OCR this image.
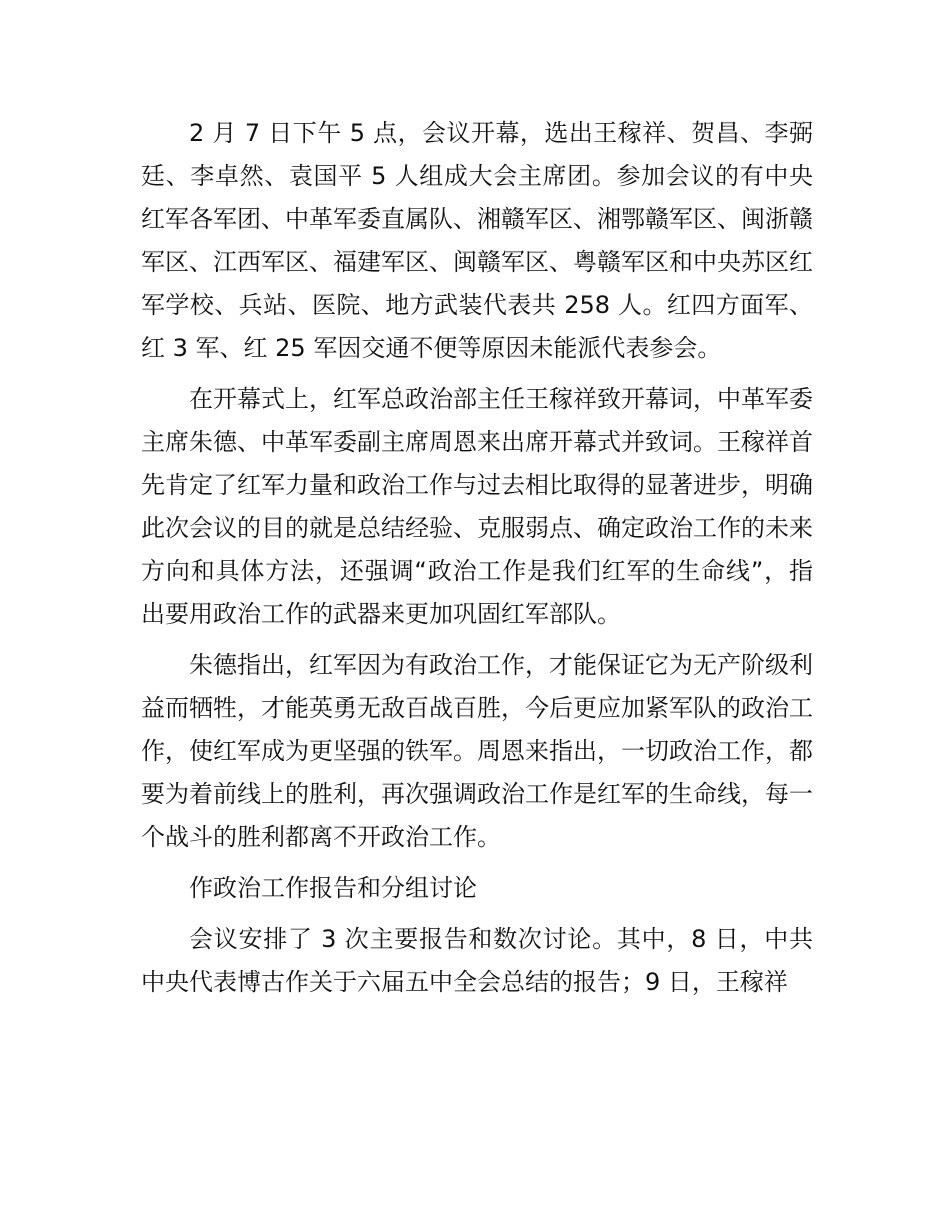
2 月 7 日下午 5 点，会议开幕，选出王稼祥、贺昌、李弼廷、李卓然、袁国平 5 人组成大会主席团。参加会议的有中央红军各军团、中革军委直属队、湘赣军区、湘鄂赣军区、闽浙赣军区、江西军区、福建军区、闽赣军区、粤赣军区和中央苏区红军学校、兵站、医院、地方武装代表共 258 人。红四方面军、红 3 军、红 25 军因交通不便等原因未能派代表参会。

在开幕式上，红军总政治部主任王稼祥致开幕词，中革军委主席朱德、中革军委副主席周恩来出席开幕式并致词。王稼祥首先肯定了红军力量和政治工作与过去相比取得的显著进步，明确此次会议的目的就是总结经验、克服弱点、确定政治工作的未来方向和具体方法，还强调“政治工作是我们红军的生命线”，指出要用政治工作的武器来更加巩固红军部队。

朱德指出，红军因为有政治工作，才能保证它为无产阶级利益而牺牲，才能英勇无敌百战百胜，今后更应加紧军队的政治工作，使红军成为更坚强的铁军。周恩来指出，一切政治工作，都要为着前线上的胜利，再次强调政治工作是红军的生命线，每一个战斗的胜利都离不开政治工作。

作政治工作报告和分组讨论

会议安排了 3 次主要报告和数次讨论。其中，8 日，中共中央代表博古作关于六届五中全会总结的报告；9 日，王稼祥
